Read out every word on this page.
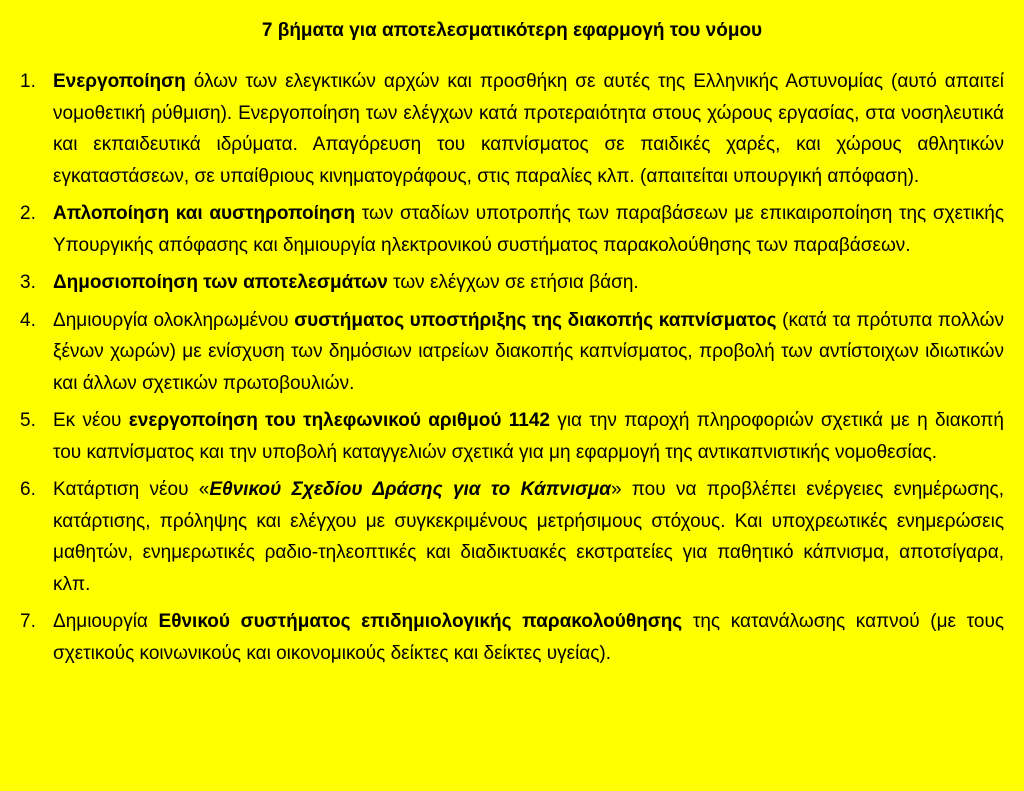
7 βήματα για αποτελεσματικότερη εφαρμογή του νόμου
1. Ενεργοποίηση όλων των ελεγκτικών αρχών και προσθήκη σε αυτές της Ελληνικής Αστυνομίας (αυτό απαιτεί νομοθετική ρύθμιση). Ενεργοποίηση των ελέγχων κατά προτεραιότητα στους χώρους εργασίας, στα νοσηλευτικά και εκπαιδευτικά ιδρύματα. Απαγόρευση του καπνίσματος σε παιδικές χαρές, και χώρους αθλητικών εγκαταστάσεων, σε υπαίθριους κινηματογράφους, στις παραλίες κλπ. (απαιτείται υπουργική απόφαση).
2. Απλοποίηση και αυστηροποίηση των σταδίων υποτροπής των παραβάσεων με επικαιροποίηση της σχετικής Υπουργικής απόφασης και δημιουργία ηλεκτρονικού συστήματος παρακολούθησης των παραβάσεων.
3. Δημοσιοποίηση των αποτελεσμάτων των ελέγχων σε ετήσια βάση.
4. Δημιουργία ολοκληρωμένου συστήματος υποστήριξης της διακοπής καπνίσματος (κατά τα πρότυπα πολλών ξένων χωρών) με ενίσχυση των δημόσιων ιατρείων διακοπής καπνίσματος, προβολή των αντίστοιχων ιδιωτικών και άλλων σχετικών πρωτοβουλιών.
5. Εκ νέου ενεργοποίηση του τηλεφωνικού αριθμού 1142 για την παροχή πληροφοριών σχετικά με η διακοπή του καπνίσματος και την υποβολή καταγγελιών σχετικά για μη εφαρμογή της αντικαπνιστικής νομοθεσίας.
6. Κατάρτιση νέου «Εθνικού Σχεδίου Δράσης για το Κάπνισμα» που να προβλέπει ενέργειες ενημέρωσης, κατάρτισης, πρόληψης και ελέγχου με συγκεκριμένους μετρήσιμους στόχους. Και υποχρεωτικές ενημερώσεις μαθητών, ενημερωτικές ραδιο-τηλεοπτικές και διαδικτυακές εκστρατείες για παθητικό κάπνισμα, αποτσίγαρα, κλπ.
7. Δημιουργία Εθνικού συστήματος επιδημιολογικής παρακολούθησης της κατανάλωσης καπνού (με τους σχετικούς κοινωνικούς και οικονομικούς δείκτες και δείκτες υγείας).
